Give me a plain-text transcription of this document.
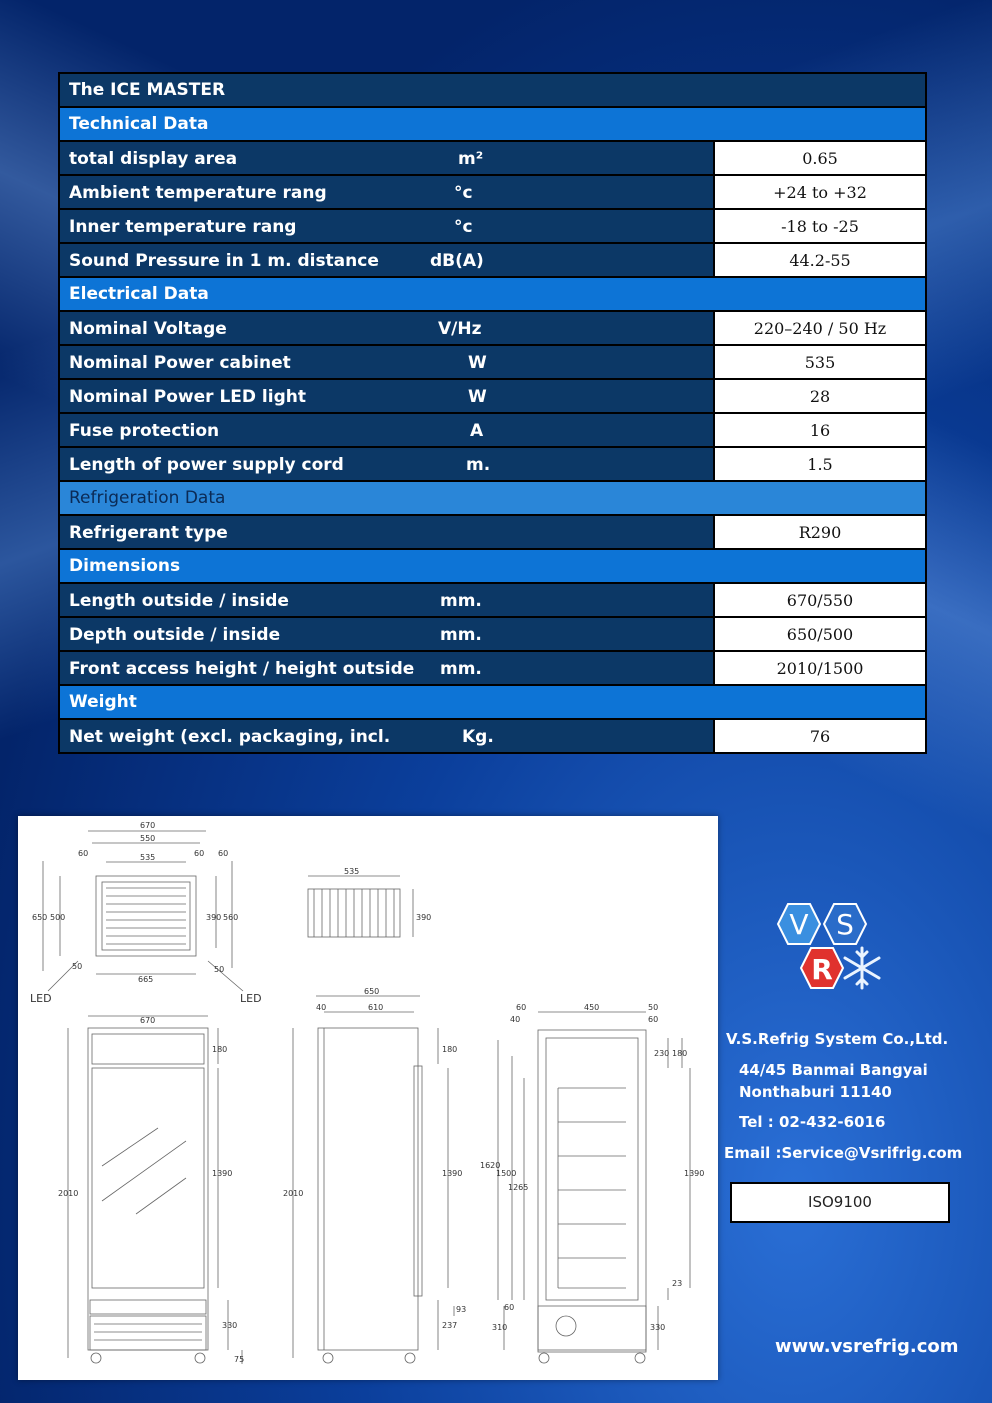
The ICE MASTER	
Technical Data	

total display area m²	0.65

Ambient temperature rang °c	+24 to +32

Inner temperature rang °c	-18 to -25

Sound Pressure in 1 m. distance dB(A)	44.2-55
Electrical Data	

Nominal Voltage V/Hz	220–240 / 50 Hz

Nominal Power cabinet W	535

Nominal Power LED light W	28

Fuse protection A	16

Length of power supply cord m.	1.5
Refrigeration Data	

Refrigerant type	R290
Dimensions	

Length outside / inside mm.	670/550

Depth outside / inside mm.	650/500

Front access height / height outside mm.	2010/1500
Weight	

Net weight (excl. packaging, incl. Kg.	76
670
550
60	535	60 60
650 500	390 560
665
50	50
LED	LED
535
390
670
2010
180
1390
330
75
650
610
40
2010
180
1390
237
93
450
60
40
50
60
1620
1500
1265
1390
230 180
23
60
310	330
V S
R
V.S.Refrig System Co.,Ltd.
44/45 Banmai Bangyai
Nonthaburi 11140
Tel : 02-432-6016
Email :Service@Vsrifrig.com
ISO9100
www.vsrefrig.com
